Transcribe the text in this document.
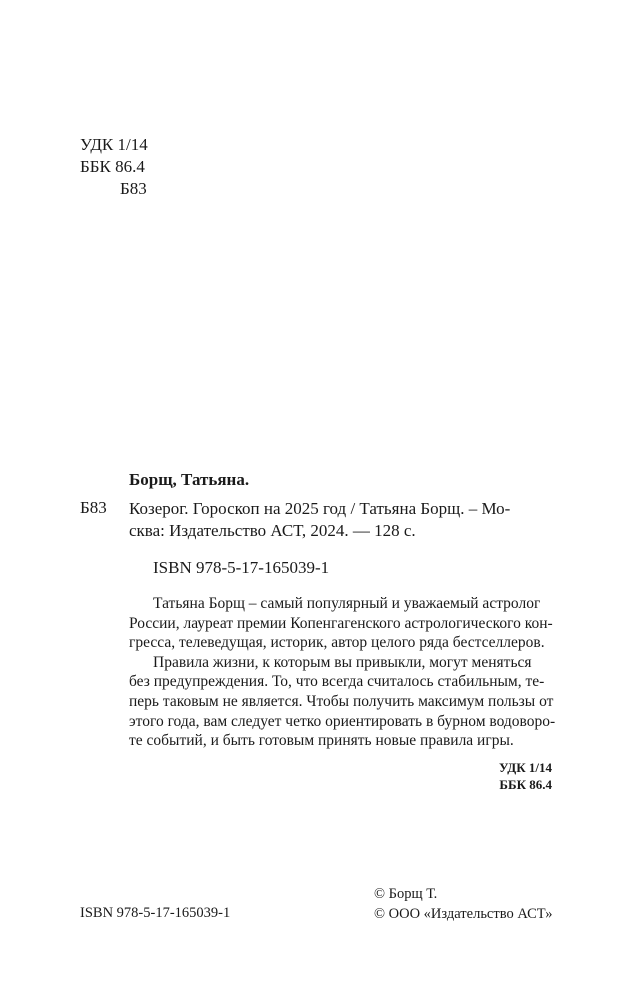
УДК 1/14
ББК 86.4
Б83
Борщ, Татьяна.
Б83 Козерог. Гороскоп на 2025 год / Татьяна Борщ. – Мо-
сква: Издательство АСТ, 2024. — 128 с.
ISBN 978-5-17-165039-1
Татьяна Борщ – самый популярный и уважаемый астролог
России, лауреат премии Копенгагенского астрологического кон-
гресса, телеведущая, историк, автор целого ряда бестселлеров.
Правила жизни, к которым вы привыкли, могут меняться
без предупреждения. То, что всегда считалось стабильным, те-
перь таковым не является. Чтобы получить максимум пользы от
этого года, вам следует четко ориентировать в бурном водоворо-
те событий, и быть готовым принять новые правила игры.
УДК 1/14
ББК 86.4
ISBN 978-5-17-165039-1
© Борщ Т.
© ООО «Издательство АСТ»
